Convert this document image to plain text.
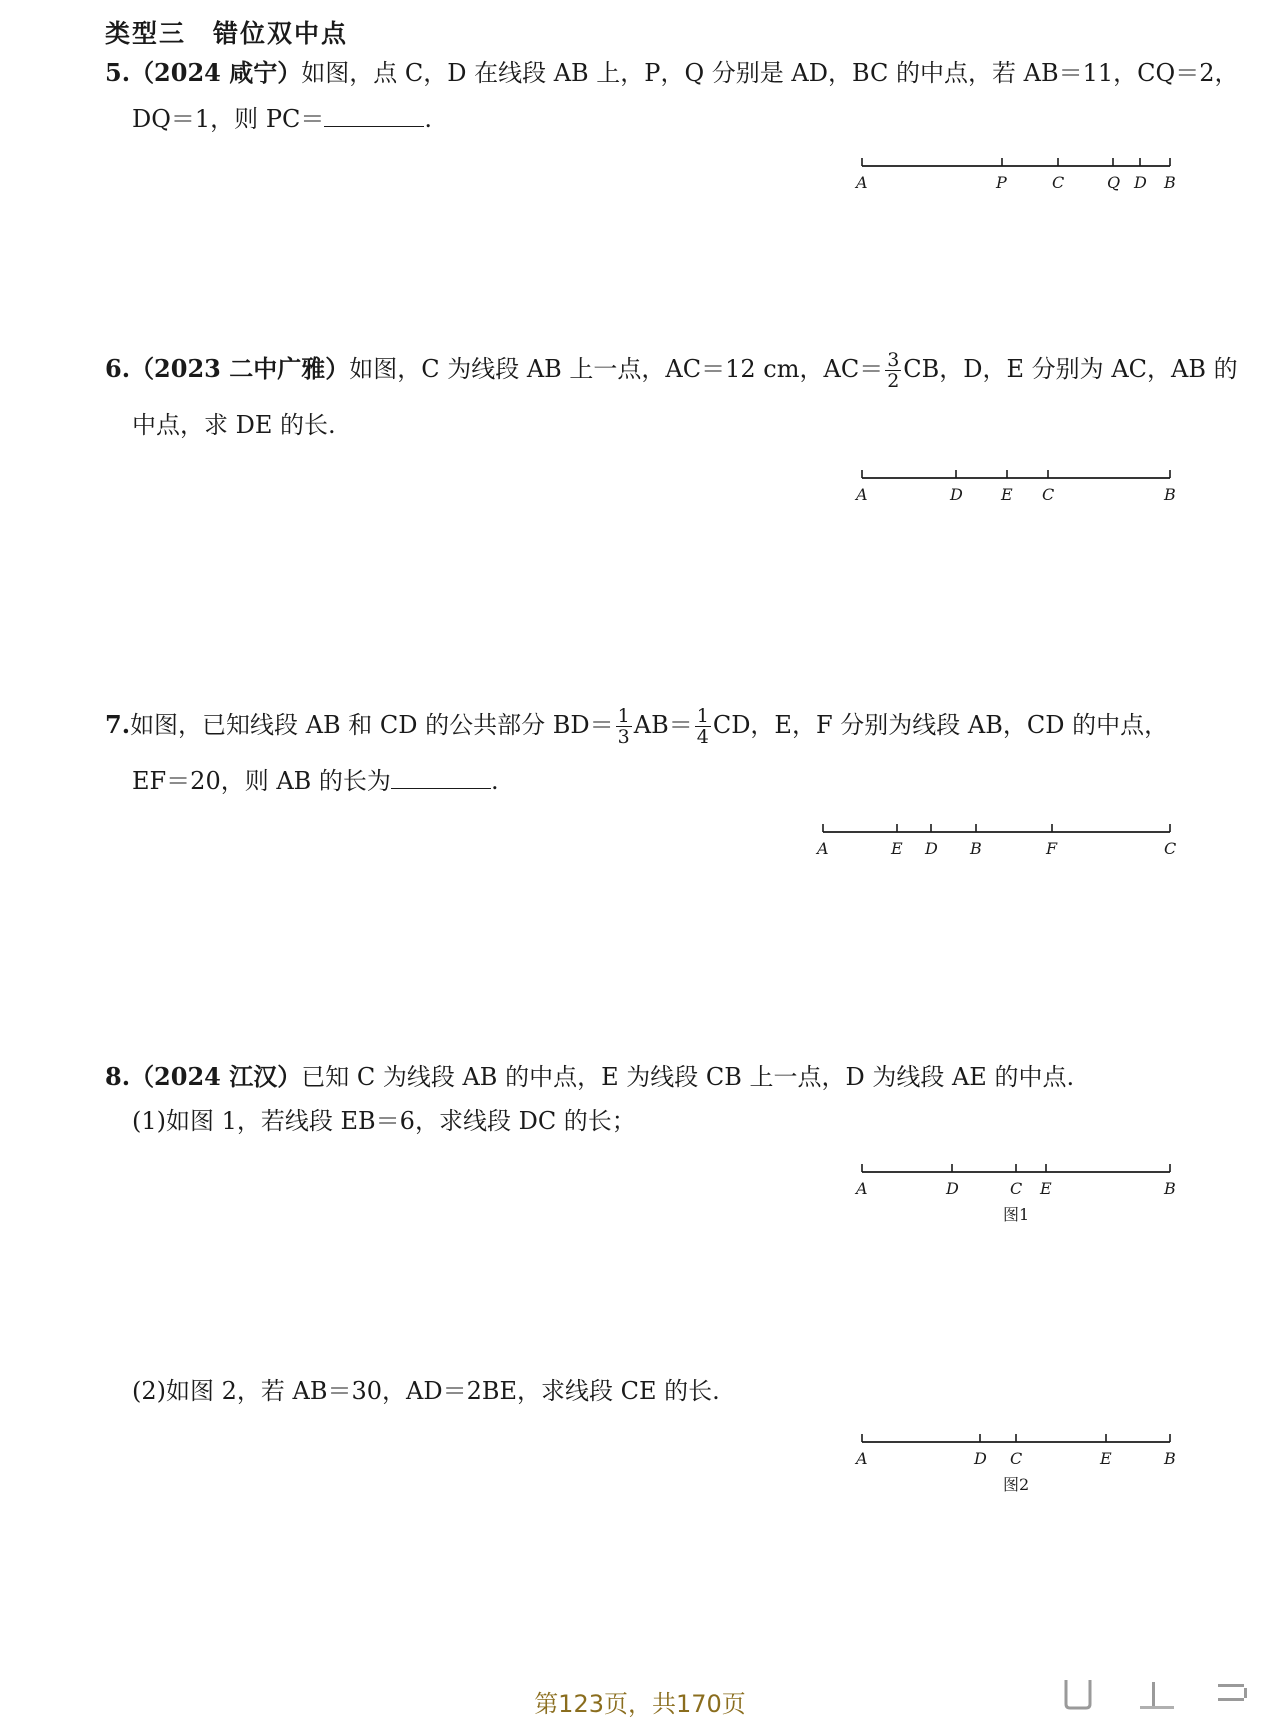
类型三　错位双中点
5.（2024 咸宁）如图，点 C，D 在线段 AB 上，P，Q 分别是 AD，BC 的中点，若 AB＝11，CQ＝2，
DQ＝1，则 PC＝	.
A	P	C	Q D B
6.（2023 二中广雅）如图，C 为线段 AB 上一点，AC＝12 cm，$AC= \frac{3}{2}$ CB，D，E 分别为 AC，AB 的
中点，求 DE 的长.
A	D E C	B
7.如图，已知线段 AB 和 CD 的公共部分 $BD= \frac{1}{3} AB= \frac{1}{4}$ CD，E，F 分别为线段 AB，CD 的中点，
EF＝20，则 AB 的长为	.
A	E D B	F	C
8.（2024 江汉）已知 C 为线段 AB 的中点，E 为线段 CB 上一点，D 为线段 AE 的中点.
(1)如图 1，若线段 EB＝6，求线段 DC 的长；
A	D	C E	B
图1
(2)如图 2，若 AB＝30，AD＝2BE，求线段 CE 的长.
A	D C	E	B
图2
第123页，共170页
